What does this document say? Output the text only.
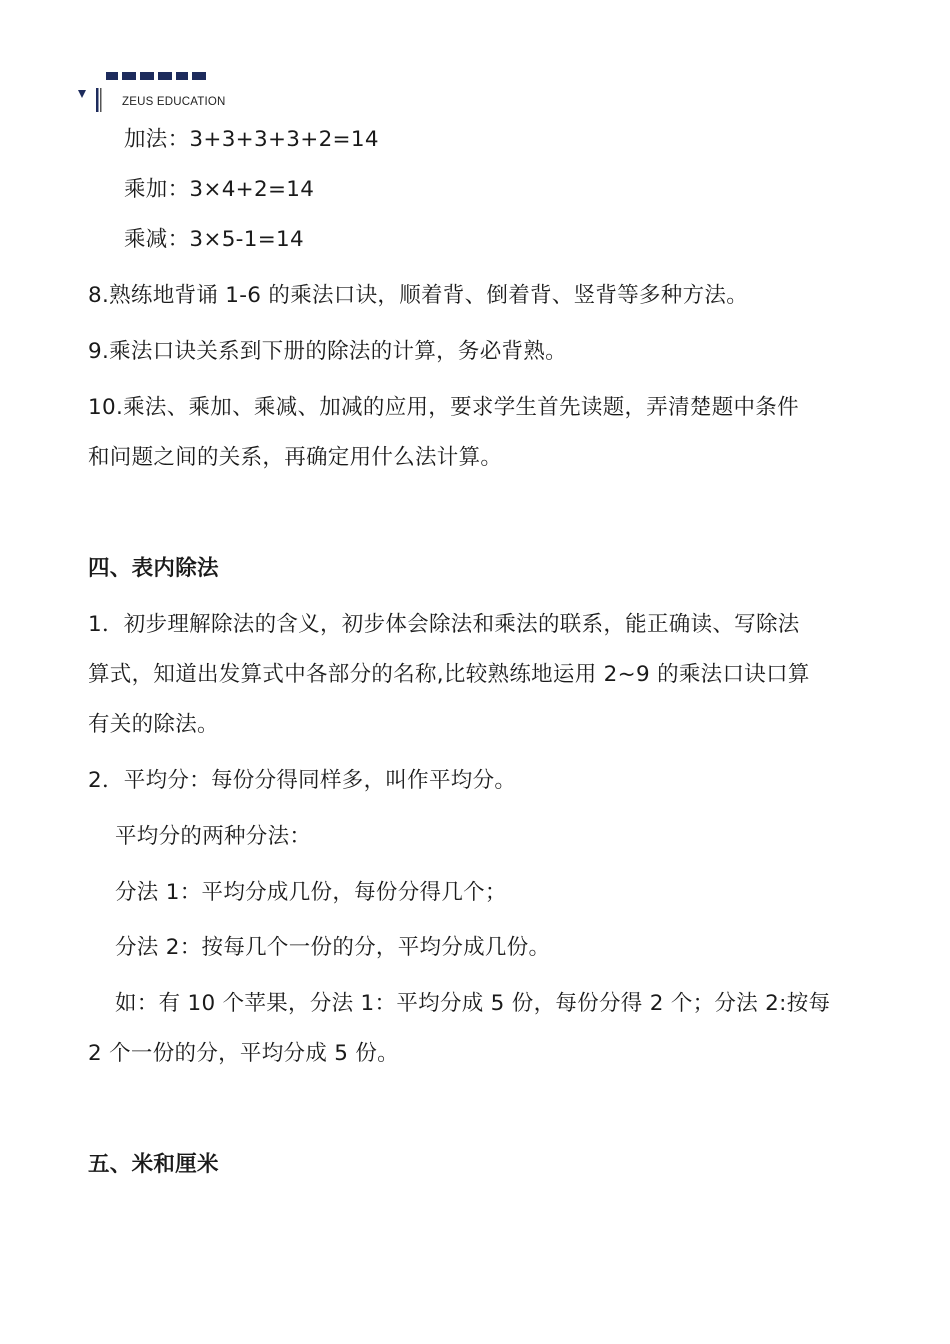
ZEUS EDUCATION
加法：3+3+3+3+2=14
乘加：3×4+2=14
乘减：3×5-1=14
8.熟练地背诵 1-6 的乘法口诀，顺着背、倒着背、竖背等多种方法。
9.乘法口诀关系到下册的除法的计算，务必背熟。
10.乘法、乘加、乘减、加减的应用，要求学生首先读题，弄清楚题中条件
和问题之间的关系，再确定用什么法计算。
四、表内除法
1．初步理解除法的含义，初步体会除法和乘法的联系，能正确读、写除法
算式，知道出发算式中各部分的名称,比较熟练地运用 2~9 的乘法口诀口算
有关的除法。
2．平均分：每份分得同样多，叫作平均分。
平均分的两种分法：
分法 1：平均分成几份，每份分得几个；
分法 2：按每几个一份的分，平均分成几份。
如：有 10 个苹果，分法 1：平均分成 5 份，每份分得 2 个；分法 2:按每
2 个一份的分，平均分成 5 份。
五、米和厘米
